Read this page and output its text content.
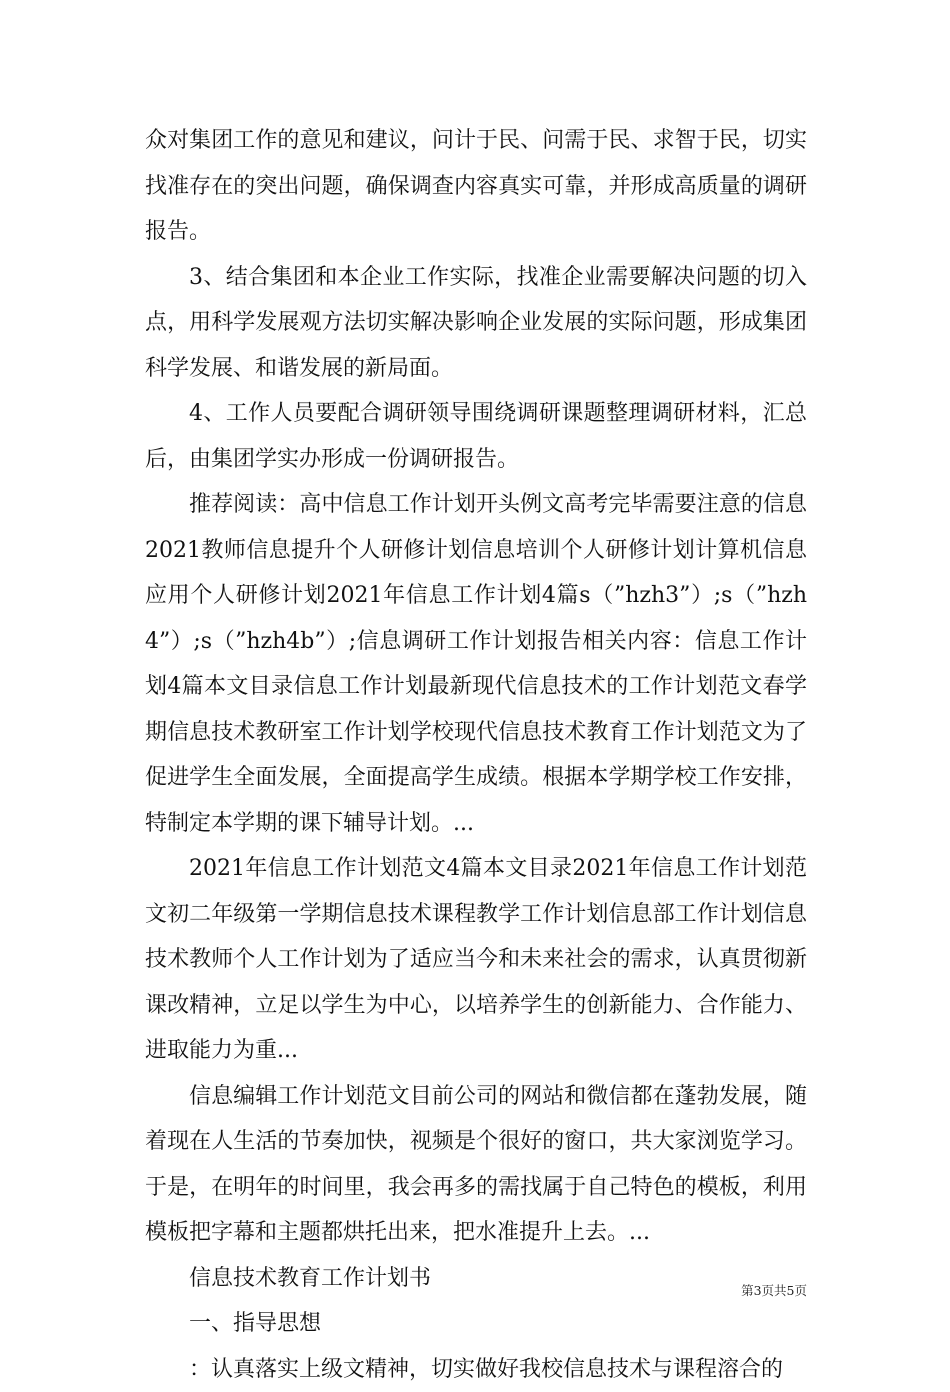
众对集团工作的意见和建议，问计于民、问需于民、求智于民，切实找准存在的突出问题，确保调查内容真实可靠，并形成高质量的调研报告。

3、结合集团和本企业工作实际，找准企业需要解决问题的切入点，用科学发展观方法切实解决影响企业发展的实际问题，形成集团科学发展、和谐发展的新局面。

4、工作人员要配合调研领导围绕调研课题整理调研材料，汇总后，由集团学实办形成一份调研报告。

推荐阅读：高中信息工作计划开头例文高考完毕需要注意的信息2021教师信息提升个人研修计划信息培训个人研修计划计算机信息应用个人研修计划2021年信息工作计划4篇s（”hzh3”）;s（”hzh4”）;s（”hzh4b”）;信息调研工作计划报告相关内容：信息工作计划4篇本文目录信息工作计划最新现代信息技术的工作计划范文春学期信息技术教研室工作计划学校现代信息技术教育工作计划范文为了促进学生全面发展，全面提高学生成绩。根据本学期学校工作安排，特制定本学期的课下辅导计划。...

2021年信息工作计划范文4篇本文目录2021年信息工作计划范文初二年级第一学期信息技术课程教学工作计划信息部工作计划信息技术教师个人工作计划为了适应当今和未来社会的需求，认真贯彻新课改精神，立足以学生为中心，以培养学生的创新能力、合作能力、进取能力为重...

信息编辑工作计划范文目前公司的网站和微信都在蓬勃发展，随着现在人生活的节奏加快，视频是个很好的窗口，共大家浏览学习。于是，在明年的时间里，我会再多的需找属于自己特色的模板，利用模板把字幕和主题都烘托出来，把水准提升上去。...

信息技术教育工作计划书

一、指导思想

：认真落实上级文精神，切实做好我校信息技术与课程溶合的

第3页共5页
